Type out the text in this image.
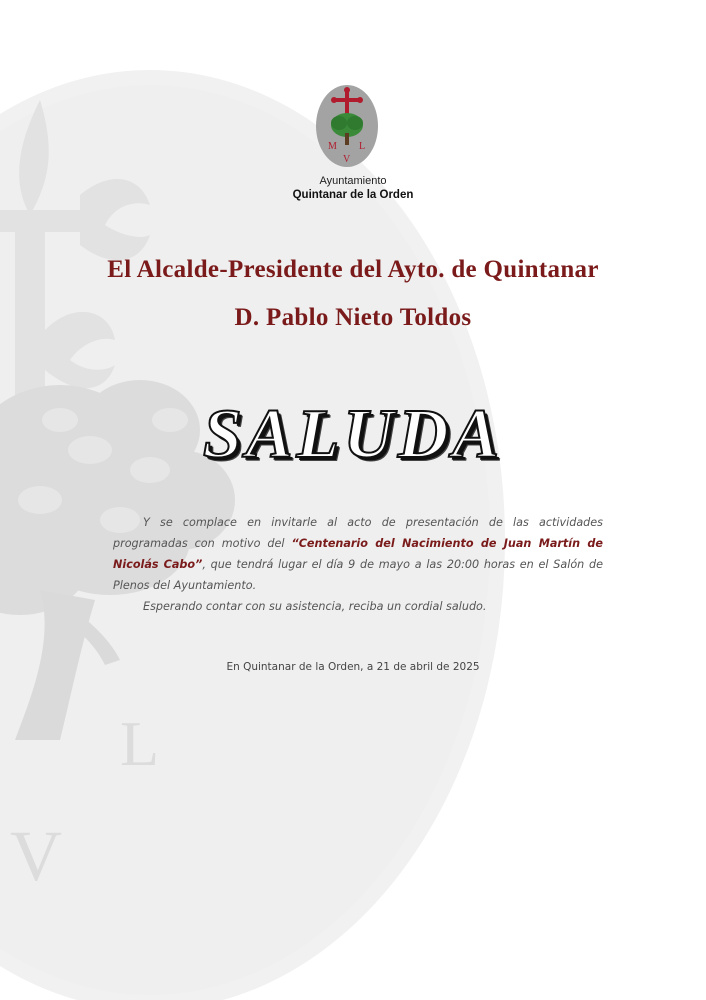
L
V
M L
V
Ayuntamiento
Quintanar de la Orden
El Alcalde-Presidente del Ayto. de Quintanar
D. Pablo Nieto Toldos
SALUDA

Y se complace en invitarle al acto de presentación de las actividades programadas con motivo del “Centenario del Nacimiento de Juan Martín de Nicolás Cabo”, que tendrá lugar el día 9 de mayo a las 20:00 horas en el Salón de Plenos del Ayuntamiento.

Esperando contar con su asistencia, reciba un cordial saludo.

En Quintanar de la Orden, a 21 de abril de 2025
